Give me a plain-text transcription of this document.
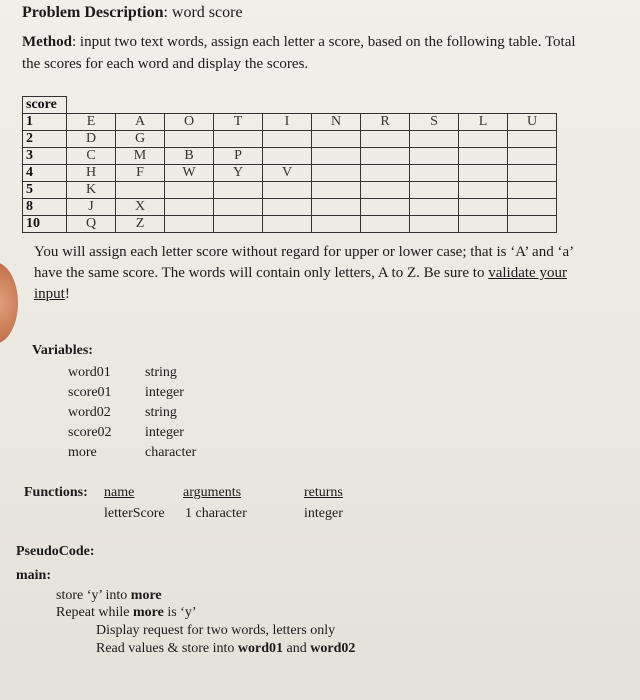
Problem Description: word score
Method: input two text words, assign each letter a score, based on the following table. Total the scores for each word and display the scores.
score										
1	E	A	O	T	I	N	R	S	L	U
2	D	G								
3	C	M	B	P						
4	H	F	W	Y	V					
5	K									
8	J	X								
10	Q	Z								
You will assign each letter score without regard for upper or lower case; that is ‘A’ and ‘a’ have the same score. The words will contain only letters, A to Z. Be sure to validate your input!
Variables:
word01 string
score01 integer
word02 string
score02 integer
more	character
Functions: name	arguments	returns
letterScore 1 character	integer
PseudoCode:
main:
store ‘y’ into more
Repeat while more is ‘y’
Display request for two words, letters only
Read values & store into word01 and word02
